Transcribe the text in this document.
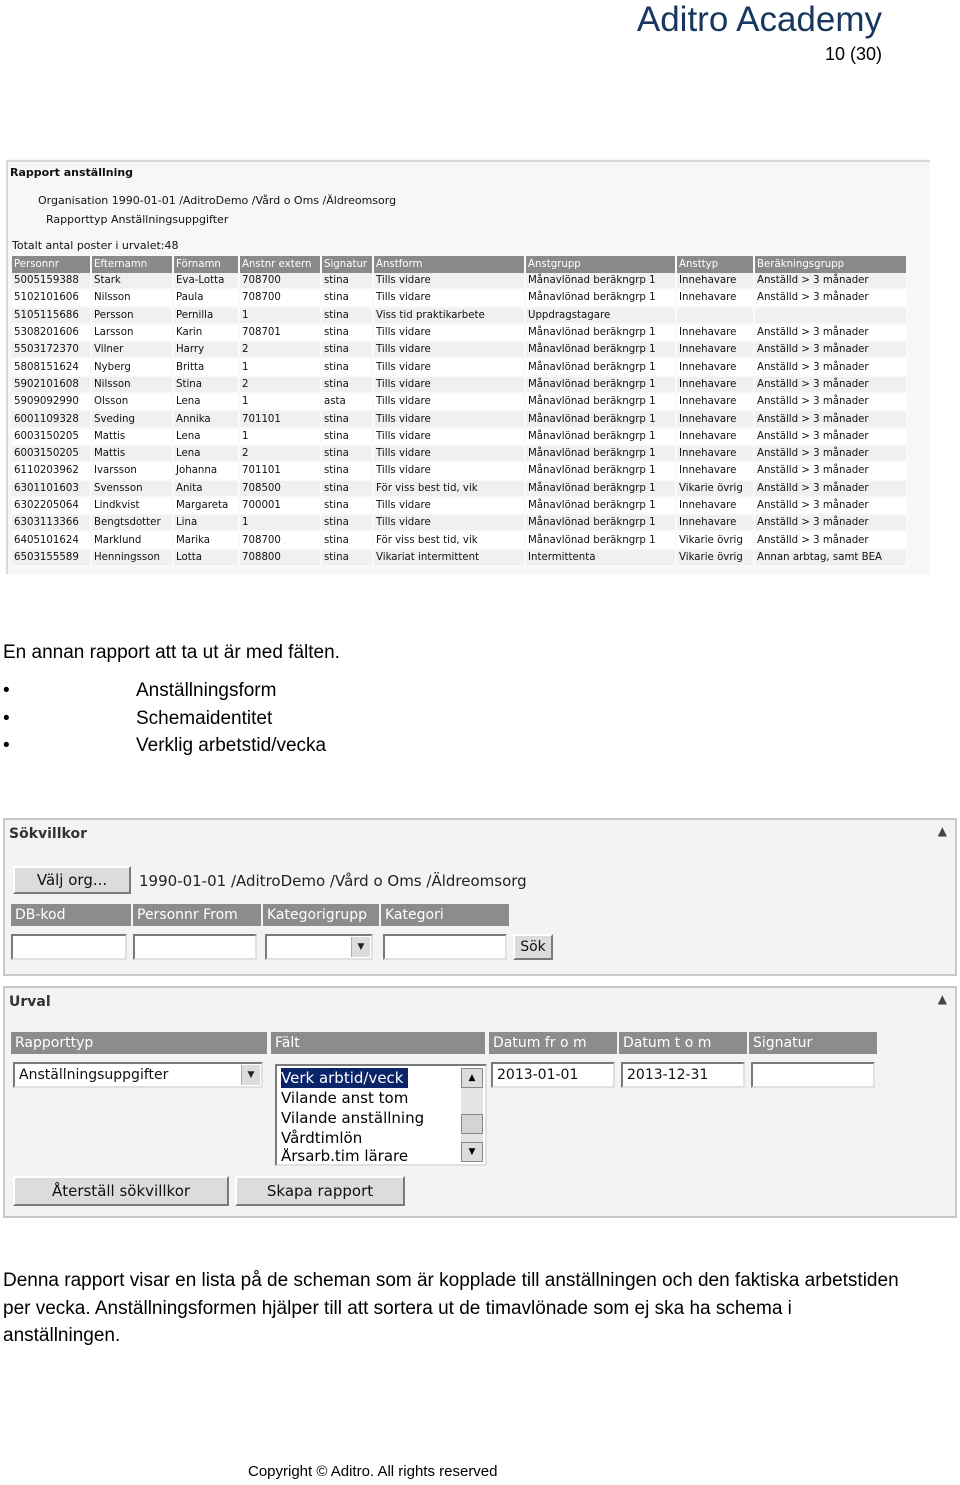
Aditro Academy
10 (30)
Rapport anställning
Organisation 1990-01-01 /AditroDemo /Vård o Oms /Äldreomsorg
Rapporttyp Anställningsuppgifter
Totalt antal poster i urvalet:48
Personnr	Efternamn	Förnamn	Anstnr extern	Signatur	Anstform	Anstgrupp	Ansttyp	Beräkningsgrupp
5005159388	Stark	Eva-Lotta	708700	stina	Tills vidare	Månavlönad beräkngrp 1	Innehavare	Anställd > 3 månader
5102101606	Nilsson	Paula	708700	stina	Tills vidare	Månavlönad beräkngrp 1	Innehavare	Anställd > 3 månader
5105115686	Persson	Pernilla	1	stina	Viss tid praktikarbete	Uppdragstagare		
5308201606	Larsson	Karin	708701	stina	Tills vidare	Månavlönad beräkngrp 1	Innehavare	Anställd > 3 månader
5503172370	Vilner	Harry	2	stina	Tills vidare	Månavlönad beräkngrp 1	Innehavare	Anställd > 3 månader
5808151624	Nyberg	Britta	1	stina	Tills vidare	Månavlönad beräkngrp 1	Innehavare	Anställd > 3 månader
5902101608	Nilsson	Stina	2	stina	Tills vidare	Månavlönad beräkngrp 1	Innehavare	Anställd > 3 månader
5909092990	Olsson	Lena	1	asta	Tills vidare	Månavlönad beräkngrp 1	Innehavare	Anställd > 3 månader
6001109328	Sveding	Annika	701101	stina	Tills vidare	Månavlönad beräkngrp 1	Innehavare	Anställd > 3 månader
6003150205	Mattis	Lena	1	stina	Tills vidare	Månavlönad beräkngrp 1	Innehavare	Anställd > 3 månader
6003150205	Mattis	Lena	2	stina	Tills vidare	Månavlönad beräkngrp 1	Innehavare	Anställd > 3 månader
6110203962	Ivarsson	Johanna	701101	stina	Tills vidare	Månavlönad beräkngrp 1	Innehavare	Anställd > 3 månader
6301101603	Svensson	Anita	708500	stina	För viss best tid, vik	Månavlönad beräkngrp 1	Vikarie övrig	Anställd > 3 månader
6302205064	Lindkvist	Margareta	700001	stina	Tills vidare	Månavlönad beräkngrp 1	Innehavare	Anställd > 3 månader
6303113366	Bengtsdotter	Lina	1	stina	Tills vidare	Månavlönad beräkngrp 1	Innehavare	Anställd > 3 månader
6405101624	Marklund	Marika	708700	stina	För viss best tid, vik	Månavlönad beräkngrp 1	Vikarie övrig	Anställd > 3 månader
6503155589	Henningsson	Lotta	708800	stina	Vikariat intermittent	Intermittenta	Vikarie övrig	Annan arbtag, samt BEA
En annan rapport att ta ut är med fälten.
•	Anställningsform
•	Schemaidentitet
•	Verklig arbetstid/vecka
Sökvillkor	▲
Välj org...	1990-01-01 /AditroDemo /Vård o Oms /Äldreomsorg
DB-kod	Personnr From	Kategorigrupp	Kategori
▼	Sök
Urval	▲
Rapporttyp	Fält	Datum fr o m	Datum t o m	Signatur
Anställningsuppgifter	▼	Verk arbtid/veck
Vilande anst tom
Vilande anställning
Vårdtimlön
Årsarb.tim lärare
▲
▼
2013-01-01	2013-12-31
Återställ sökvillkor	Skapa rapport
Denna rapport visar en lista på de scheman som är kopplade till anställningen och den faktiska arbetstiden per vecka. Anställningsformen hjälper till att sortera ut de timavlönade som ej ska ha schema i anställningen.
Copyright © Aditro. All rights reserved
